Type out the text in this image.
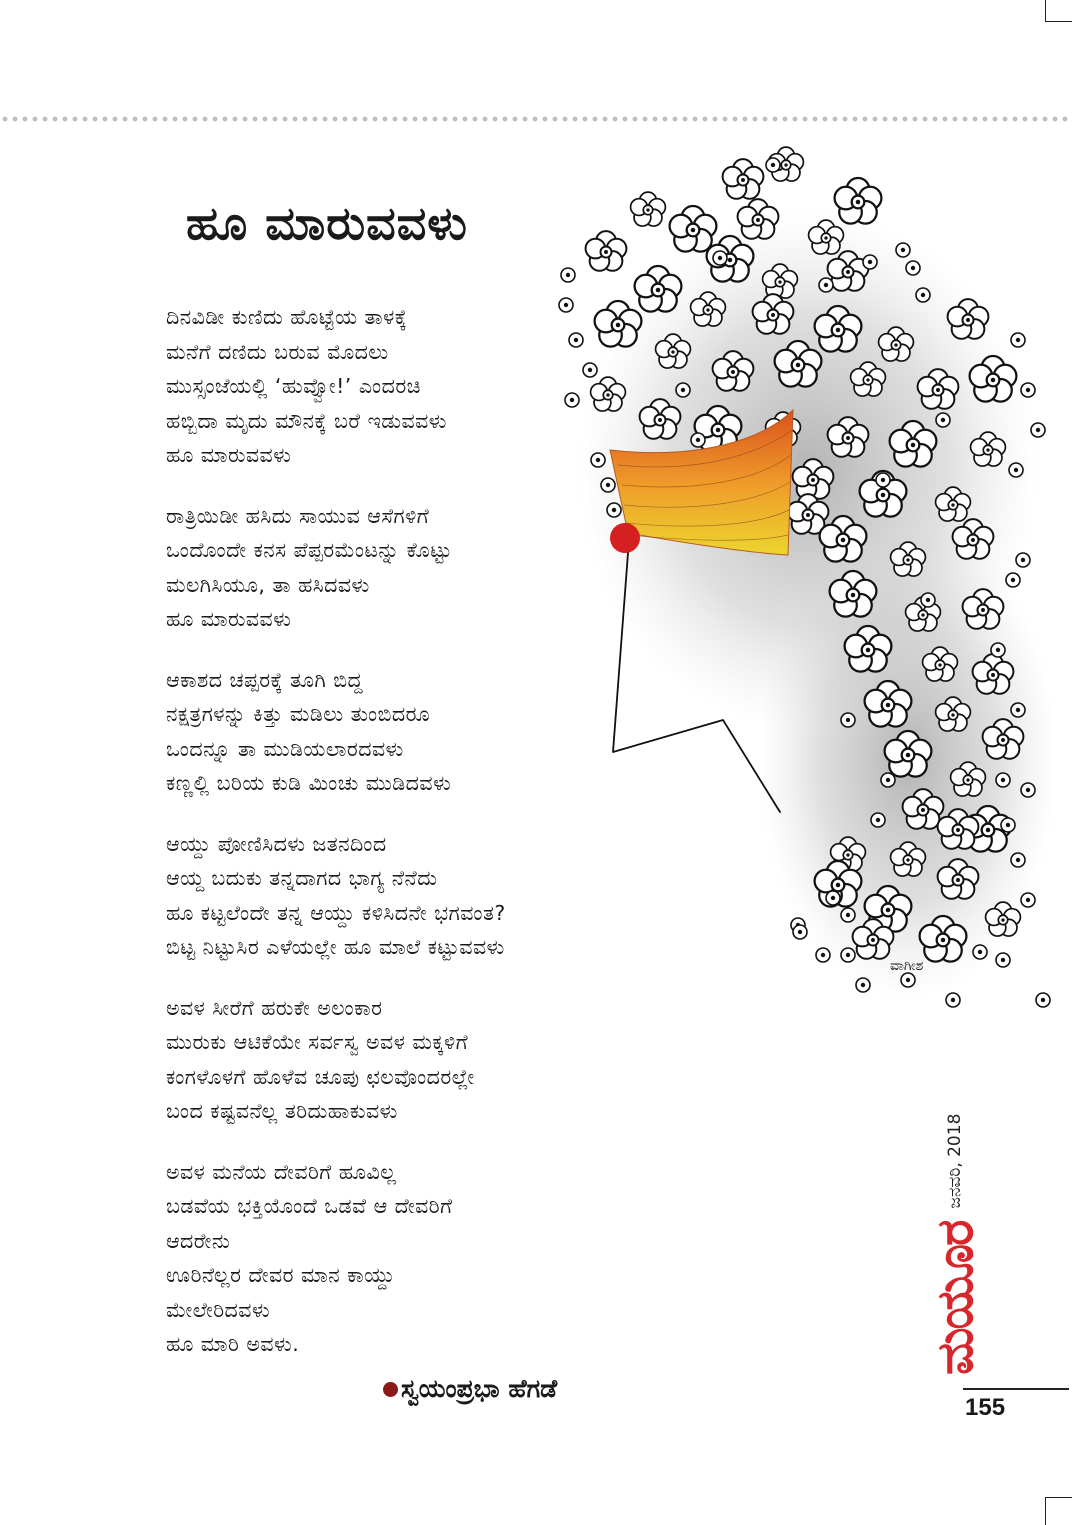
ಹೂ ಮಾರುವವಳು
ದಿನವಿಡೀ ಕುಣಿದು ಹೊಟ್ಟೆಯ ತಾಳಕ್ಕೆ
ಮನೆಗೆ ದಣಿದು ಬರುವ ಮೊದಲು
ಮುಸ್ಸಂಜೆಯಲ್ಲಿ ‘ಹುವ್ವೋ!’ ಎಂದರಚಿ
ಹಬ್ಬಿದಾ ಮೃದು ಮೌನಕ್ಕೆ ಬರೆ ಇಡುವವಳು
ಹೂ ಮಾರುವವಳು
ರಾತ್ರಿಯಿಡೀ ಹಸಿದು ಸಾಯುವ ಆಸೆಗಳಿಗೆ
ಒಂದೊಂದೇ ಕನಸ ಪೆಪ್ಪರಮೆಂಟನ್ನು ಕೊಟ್ಟು
ಮಲಗಿಸಿಯೂ, ತಾ ಹಸಿದವಳು
ಹೂ ಮಾರುವವಳು
ಆಕಾಶದ ಚಪ್ಪರಕ್ಕೆ ತೂಗಿ ಬಿದ್ದ
ನಕ್ಷತ್ರಗಳನ್ನು ಕಿತ್ತು ಮಡಿಲು ತುಂಬಿದರೂ
ಒಂದನ್ನೂ ತಾ ಮುಡಿಯಲಾರದವಳು
ಕಣ್ಣಲ್ಲಿ ಬರಿಯ ಕುಡಿ ಮಿಂಚು ಮುಡಿದವಳು
ಆಯ್ದು ಪೋಣಿಸಿದಳು ಜತನದಿಂದ
ಆಯ್ದ ಬದುಕು ತನ್ನದಾಗದ ಭಾಗ್ಯ ನೆನೆದು
ಹೂ ಕಟ್ಟಲೆಂದೇ ತನ್ನ ಆಯ್ದು ಕಳಿಸಿದನೇ ಭಗವಂತ?
ಬಿಟ್ಟ ನಿಟ್ಟುಸಿರ ಎಳೆಯಲ್ಲೇ ಹೂ ಮಾಲೆ ಕಟ್ಟುವವಳು
ಅವಳ ಸೀರೆಗೆ ಹರುಕೇ ಅಲಂಕಾರ
ಮುರುಕು ಆಟಿಕೆಯೇ ಸರ್ವಸ್ವ ಅವಳ ಮಕ್ಕಳಿಗೆ
ಕಂಗಳೊಳಗೆ ಹೊಳೆವ ಚೂಪು ಛಲವೊಂದರಲ್ಲೇ
ಬಂದ ಕಷ್ಟವನೆಲ್ಲ ತರಿದುಹಾಕುವಳು
ಅವಳ ಮನೆಯ ದೇವರಿಗೆ ಹೂವಿಲ್ಲ
ಬಡವೆಯ ಭಕ್ತಿಯೊಂದೆ ಒಡವೆ ಆ ದೇವರಿಗೆ
ಆದರೇನು
ಊರಿನೆಲ್ಲರ ದೇವರ ಮಾನ ಕಾಯ್ದು
ಮೇಲೇರಿದವಳು
ಹೂ ಮಾರಿ ಅವಳು.
ಸ್ವಯಂಪ್ರಭಾ ಹೆಗಡೆ
ವಾಗೀಶ
ಮಯೂರ ಜನವರಿ, 2018
155
